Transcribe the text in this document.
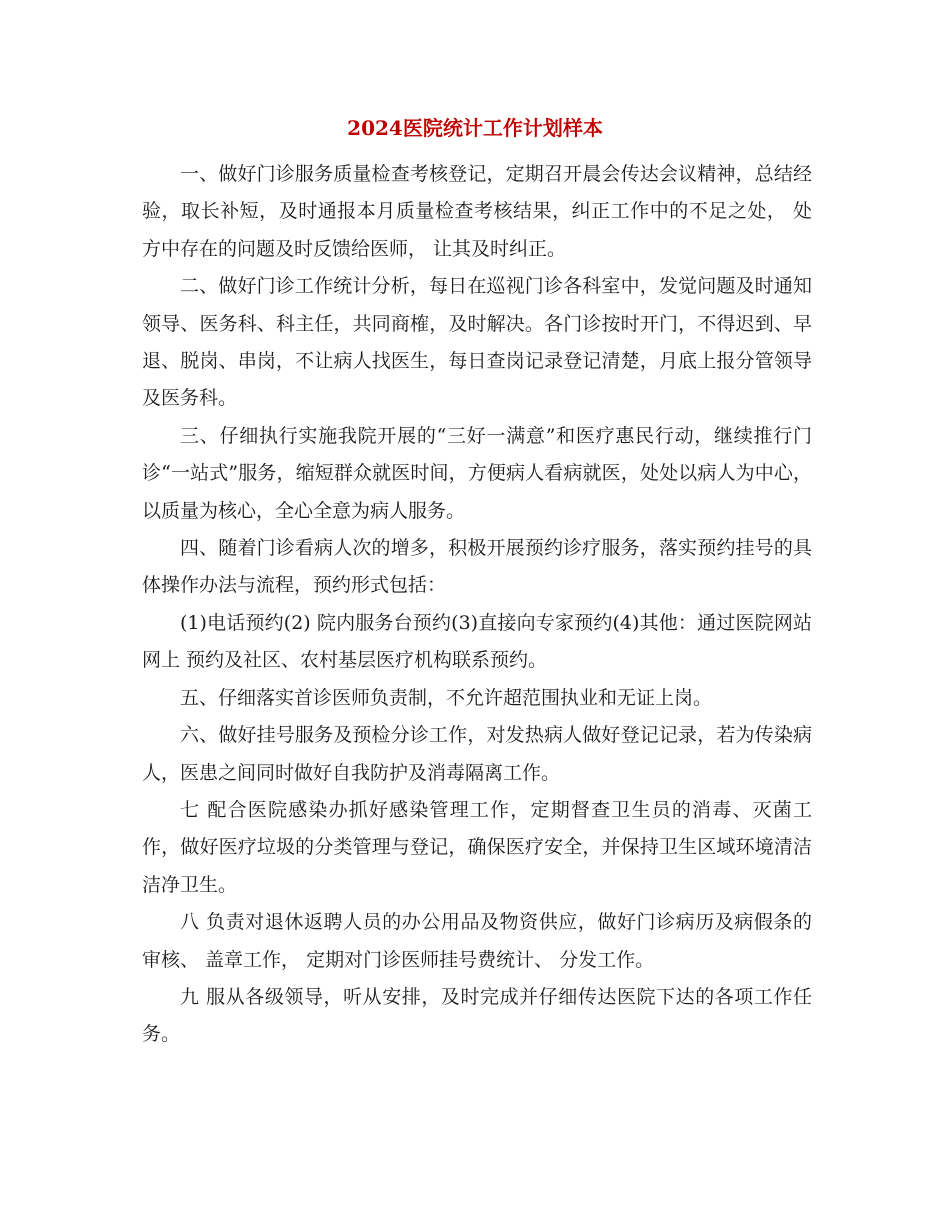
2024医院统计工作计划样本

一、做好门诊服务质量检查考核登记，定期召开晨会传达会议精神，总结经验，取长补短，及时通报本月质量检查考核结果，纠正工作中的不足之处， 处方中存在的问题及时反馈给医师， 让其及时纠正。

二、做好门诊工作统计分析，每日在巡视门诊各科室中，发觉问题及时通知领导、医务科、科主任，共同商榷，及时解决。各门诊按时开门，不得迟到、早退、脱岗、串岗，不让病人找医生，每日查岗记录登记清楚，月底上报分管领导及医务科。

三、仔细执行实施我院开展的“三好一满意”和医疗惠民行动，继续推行门诊“一站式”服务，缩短群众就医时间，方便病人看病就医，处处以病人为中心，以质量为核心，全心全意为病人服务。

四、随着门诊看病人次的增多，积极开展预约诊疗服务，落实预约挂号的具体操作办法与流程，预约形式包括：

(1)电话预约(2) 院内服务台预约(3)直接向专家预约(4)其他：通过医院网站网上 预约及社区、农村基层医疗机构联系预约。

五、仔细落实首诊医师负责制，不允许超范围执业和无证上岗。

六、做好挂号服务及预检分诊工作，对发热病人做好登记记录，若为传染病人，医患之间同时做好自我防护及消毒隔离工作。

七 配合医院感染办抓好感染管理工作，定期督查卫生员的消毒、灭菌工作，做好医疗垃圾的分类管理与登记，确保医疗安全，并保持卫生区域环境清洁洁净卫生。

八 负责对退休返聘人员的办公用品及物资供应，做好门诊病历及病假条的审核、 盖章工作， 定期对门诊医师挂号费统计、 分发工作。

九 服从各级领导，听从安排，及时完成并仔细传达医院下达的各项工作任务。
